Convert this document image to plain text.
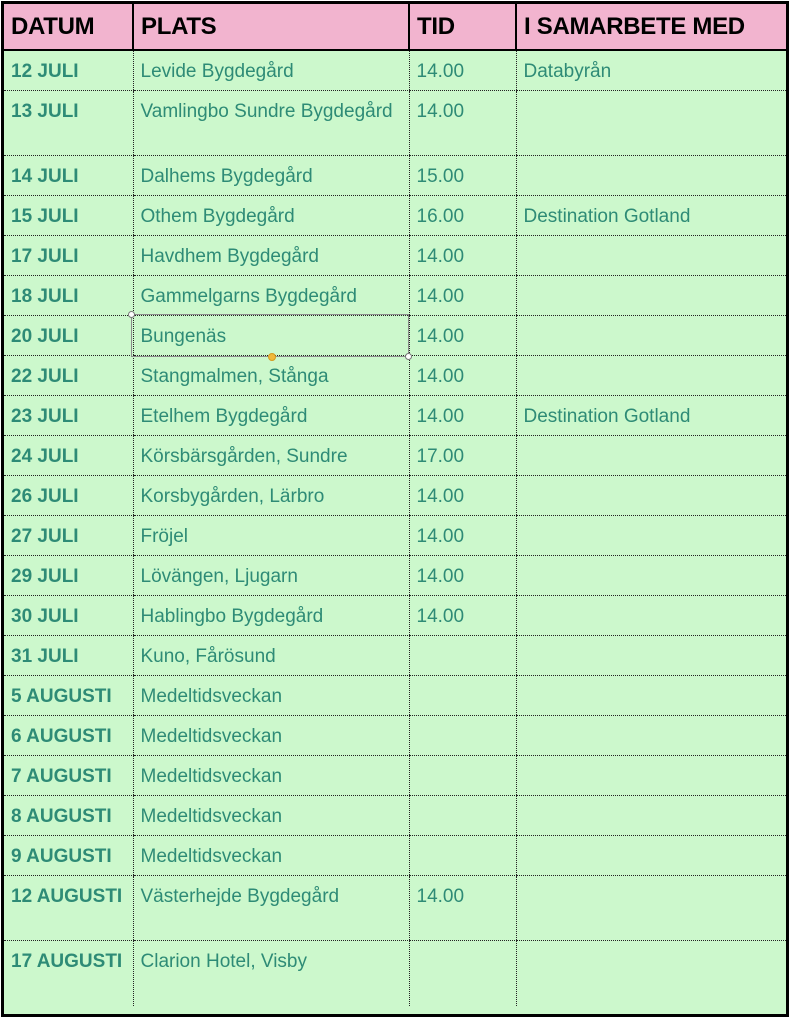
DATUM	PLATS	TID	I SAMARBETE MED
12 JULI	Levide Bygdegård	14.00	Databyrån
13 JULI	Vamlingbo Sundre Bygdegård	14.00	
14 JULI	Dalhems Bygdegård	15.00	
15 JULI	Othem Bygdegård	16.00	Destination Gotland
17 JULI	Havdhem Bygdegård	14.00	
18 JULI	Gammelgarns Bygdegård	14.00	
20 JULI	Bungenäs	14.00	
22 JULI	Stangmalmen, Stånga	14.00	
23 JULI	Etelhem Bygdegård	14.00	Destination Gotland
24 JULI	Körsbärsgården, Sundre	17.00	
26 JULI	Korsbygården, Lärbro	14.00	
27 JULI	Fröjel	14.00	
29 JULI	Lövängen, Ljugarn	14.00	
30 JULI	Hablingbo Bygdegård	14.00	
31 JULI	Kuno, Fårösund		
5 AUGUSTI	Medeltidsveckan		
6 AUGUSTI	Medeltidsveckan		
7 AUGUSTI	Medeltidsveckan		
8 AUGUSTI	Medeltidsveckan		
9 AUGUSTI	Medeltidsveckan		
12 AUGUSTI	Västerhejde Bygdegård	14.00	
17 AUGUSTI	Clarion Hotel, Visby		
